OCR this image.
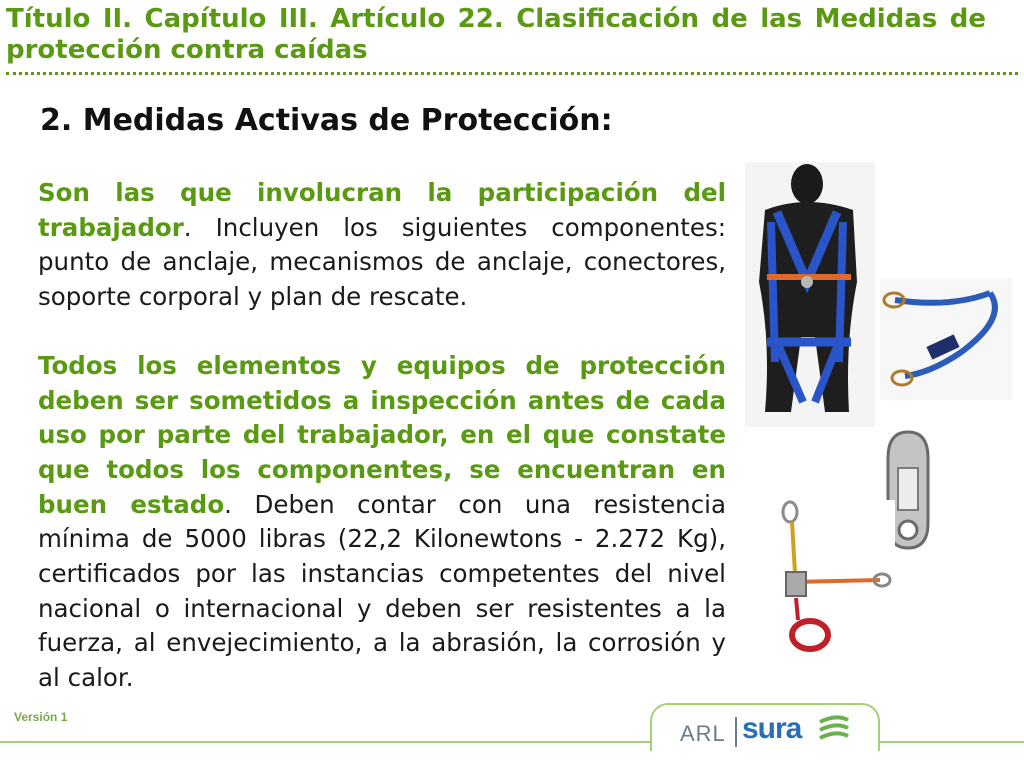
Título II. Capítulo III. Artículo 22. Clasificación de las Medidas de protección contra caídas
2. Medidas Activas de Protección:

Son las que involucran la participación del trabajador. Incluyen los siguientes componentes: punto de anclaje, mecanismos de anclaje, conectores, soporte corporal y plan de rescate.

Todos los elementos y equipos de protección deben ser sometidos a inspección antes de cada uso por parte del trabajador, en el que constate que todos los componentes, se encuentran en buen estado. Deben contar con una resistencia mínima de 5000 libras (22,2 Kilonewtons - 2.272 Kg), certificados por las instancias competentes del nivel nacional o internacional y deben ser resistentes a la fuerza, al envejecimiento, a la abrasión, la corrosión y al calor.

Versión 1
ARL sura
